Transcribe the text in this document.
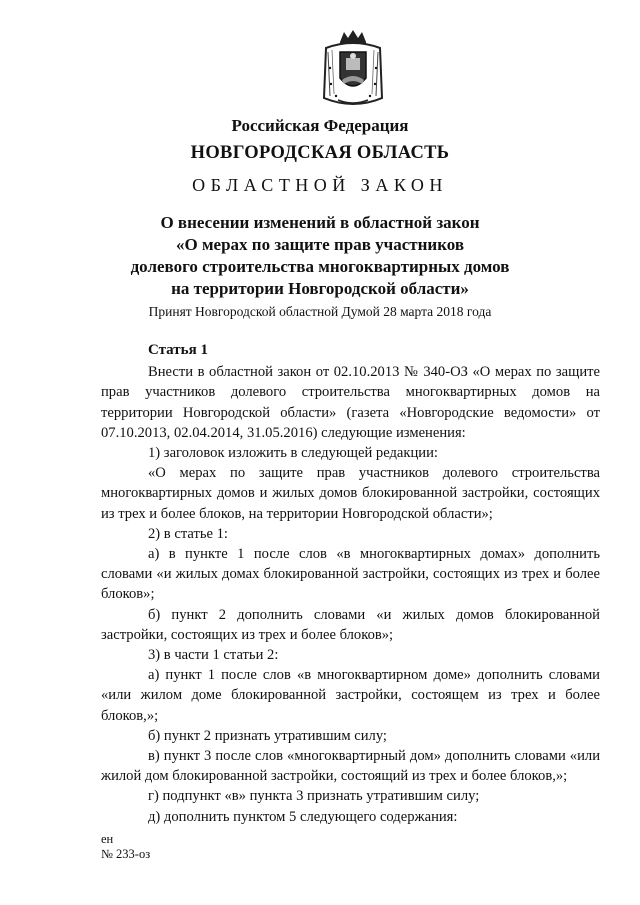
Российская Федерация
НОВГОРОДСКАЯ ОБЛАСТЬ
ОБЛАСТНОЙ ЗАКОН
О внесении изменений в областной закон
«О мерах по защите прав участников
долевого строительства многоквартирных домов
на территории Новгородской области»
Принят Новгородской областной Думой 28 марта 2018 года
Статья 1

Внести в областной закон от 02.10.2013 № 340-ОЗ «О мерах по защите прав участников долевого строительства многоквартирных домов на территории Новгородской области» (газета «Новгородские ведомости» от 07.10.2013, 02.04.2014, 31.05.2016) следующие изменения:

1) заголовок изложить в следующей редакции:

«О мерах по защите прав участников долевого строительства многоквартирных домов и жилых домов блокированной застройки, состоящих из трех и более блоков, на территории Новгородской области»;

2) в статье 1:

а) в пункте 1 после слов «в многоквартирных домах» дополнить словами «и жилых домах блокированной застройки, состоящих из трех и более блоков»;

б) пункт 2 дополнить словами «и жилых домов блокированной застройки, состоящих из трех и более блоков»;

3) в части 1 статьи 2:

а) пункт 1 после слов «в многоквартирном доме» дополнить словами «или жилом доме блокированной застройки, состоящем из трех и более блоков,»;

б) пункт 2 признать утратившим силу;

в) пункт 3 после слов «многоквартирный дом» дополнить словами «или жилой дом блокированной застройки, состоящий из трех и более блоков,»;

г) подпункт «в» пункта 3 признать утратившим силу;

д) дополнить пунктом 5 следующего содержания:

ен
№ 233-оз
